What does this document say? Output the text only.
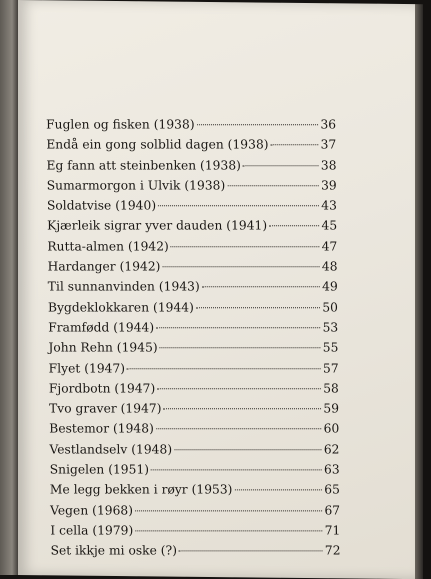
Fuglen og fisken (1938)	36
Endå ein gong solblid dagen (1938)	37
Eg fann att steinbenken (1938)	38
Sumarmorgon i Ulvik (1938)	39
Soldatvise (1940)	43
Kjærleik sigrar yver dauden (1941)	45
Rutta-almen (1942)	47
Hardanger (1942)	48
Til sunnanvinden (1943)	49
Bygdeklokkaren (1944)	50
Framfødd (1944)	53
John Rehn (1945)	55
Flyet (1947)	57
Fjordbotn (1947)	58
Tvo graver (1947)	59
Bestemor (1948)	60
Vestlandselv (1948)	62
Snigelen (1951)	63
Me legg bekken i røyr (1953)	65
Vegen (1968)	67
I cella (1979)	71
Set ikkje mi oske (?)	72
